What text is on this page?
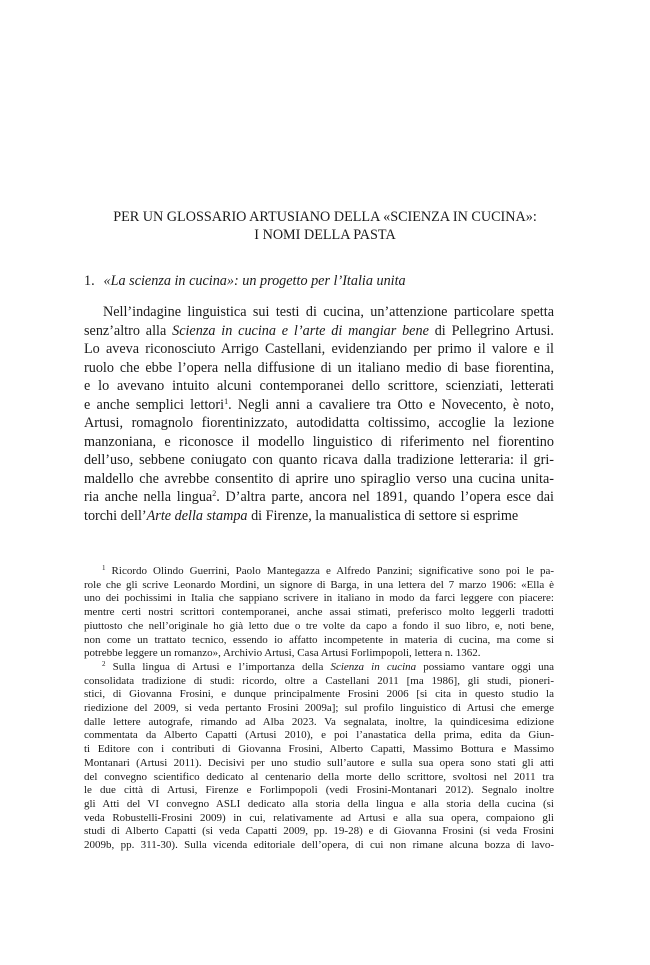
PER UN GLOSSARIO ARTUSIANO DELLA «SCIENZA IN CUCINA»:
I NOMI DELLA PASTA
1. «La scienza in cucina»: un progetto per l’Italia unita
Nell’indagine linguistica sui testi di cucina, un’attenzione particolare spetta
senz’altro alla Scienza in cucina e l’arte di mangiar bene di Pellegrino Artusi.
Lo aveva riconosciuto Arrigo Castellani, evidenziando per primo il valore e il
ruolo che ebbe l’opera nella diffusione di un italiano medio di base fiorentina,
e lo avevano intuito alcuni contemporanei dello scrittore, scienziati, letterati
e anche semplici lettori$^1$. Negli anni a cavaliere tra Otto e Novecento, è noto,
Artusi, romagnolo fiorentinizzato, autodidatta coltissimo, accoglie la lezione
manzoniana, e riconosce il modello linguistico di riferimento nel fiorentino
dell’uso, sebbene coniugato con quanto ricava dalla tradizione letteraria: il gri-
maldello che avrebbe consentito di aprire uno spiraglio verso una cucina unita-
ria anche nella lingua$^2$. D’altra parte, ancora nel 1891, quando l’opera esce dai
torchi dell’Arte della stampa di Firenze, la manualistica di settore si esprime
$^1$ Ricordo Olindo Guerrini, Paolo Mantegazza e Alfredo Panzini; significative sono poi le pa-
role che gli scrive Leonardo Mordini, un signore di Barga, in una lettera del 7 marzo 1906: «Ella è
uno dei pochissimi in Italia che sappiano scrivere in italiano in modo da farci leggere con piacere:
mentre certi nostri scrittori contemporanei, anche assai stimati, preferisco molto leggerli tradotti
piuttosto che nell’originale ho già letto due o tre volte da capo a fondo il suo libro, e, noti bene,
non come un trattato tecnico, essendo io affatto incompetente in materia di cucina, ma come si
potrebbe leggere un romanzo», Archivio Artusi, Casa Artusi Forlimpopoli, lettera n. 1362.
$^2$ Sulla lingua di Artusi e l’importanza della Scienza in cucina possiamo vantare oggi una
consolidata tradizione di studi: ricordo, oltre a Castellani 2011 [ma 1986], gli studi, pioneri-
stici, di Giovanna Frosini, e dunque principalmente Frosini 2006 [si cita in questo studio la
riedizione del 2009, si veda pertanto Frosini 2009a]; sul profilo linguistico di Artusi che emerge
dalle lettere autografe, rimando ad Alba 2023. Va segnalata, inoltre, la quindicesima edizione
commentata da Alberto Capatti (Artusi 2010), e poi l’anastatica della prima, edita da Giun-
ti Editore con i contributi di Giovanna Frosini, Alberto Capatti, Massimo Bottura e Massimo
Montanari (Artusi 2011). Decisivi per uno studio sull’autore e sulla sua opera sono stati gli atti
del convegno scientifico dedicato al centenario della morte dello scrittore, svoltosi nel 2011 tra
le due città di Artusi, Firenze e Forlimpopoli (vedi Frosini-Montanari 2012). Segnalo inoltre
gli Atti del VI convegno ASLI dedicato alla storia della lingua e alla storia della cucina (si
veda Robustelli-Frosini 2009) in cui, relativamente ad Artusi e alla sua opera, compaiono gli
studi di Alberto Capatti (si veda Capatti 2009, pp. 19-28) e di Giovanna Frosini (si veda Frosini
2009b, pp. 311-30). Sulla vicenda editoriale dell’opera, di cui non rimane alcuna bozza di lavo-
